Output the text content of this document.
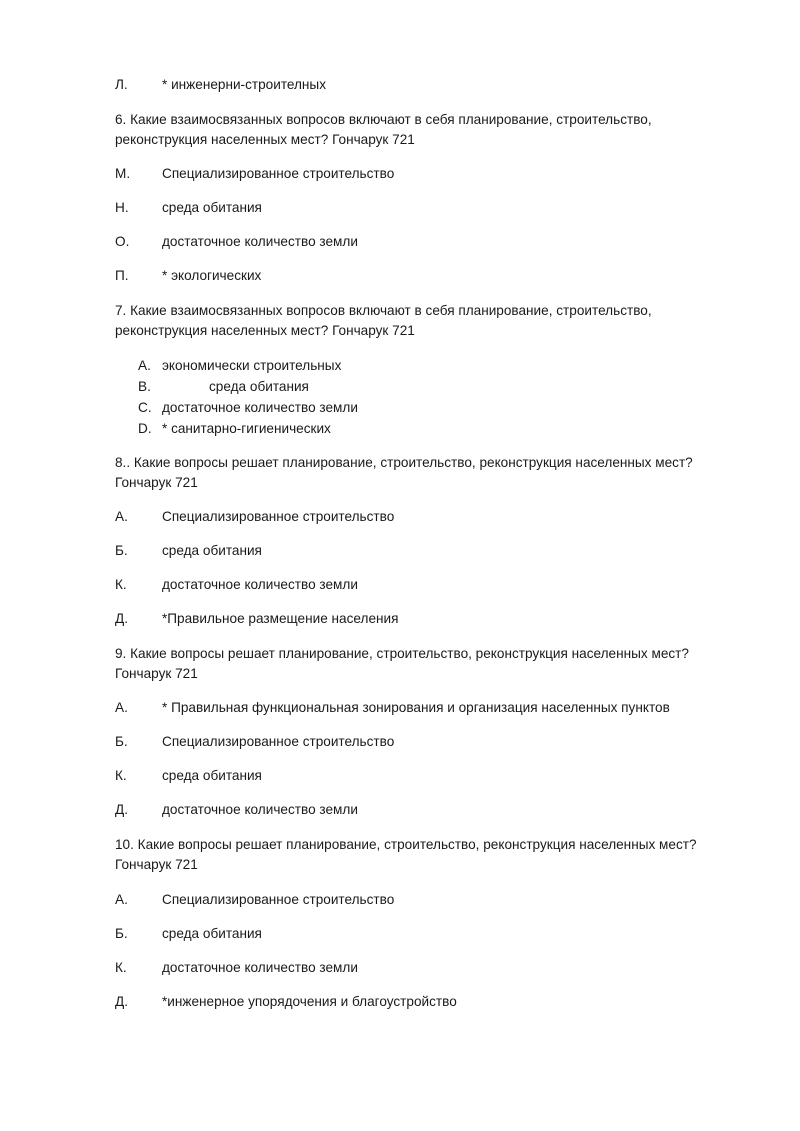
Л.	* инженерни-строителных
6. Какие взаимосвязанных вопросов включают в себя планирование, строительство,
реконструкция населенных мест? Гончарук 721
М. Специализированное строительство
Н. среда обитания
О. достаточное количество земли
П. * экологических
7. Какие взаимосвязанных вопросов включают в себя планирование, строительство,
реконструкция населенных мест? Гончарук 721
A. экономически строительных
B.	среда обитания
C. достаточное количество земли
D. * санитарно-гигиенических
8.. Какие вопросы решает планирование, строительство, реконструкция населенных мест?
Гончарук 721
А.	Специализированное строительство
Б.	среда обитания
К.	достаточное количество земли
Д.	*Правильное размещение населения
9. Какие вопросы решает планирование, строительство, реконструкция населенных мест?
Гончарук 721
А.	* Правильная функциональная зонирования и организация населенных пунктов
Б.	Специализированное строительство
К.	среда обитания
Д.	достаточное количество земли
10. Какие вопросы решает планирование, строительство, реконструкция населенных мест?
Гончарук 721
А.	Специализированное строительство
Б.	среда обитания
К.	достаточное количество земли
Д.	*инженерное упорядочения и благоустройство
